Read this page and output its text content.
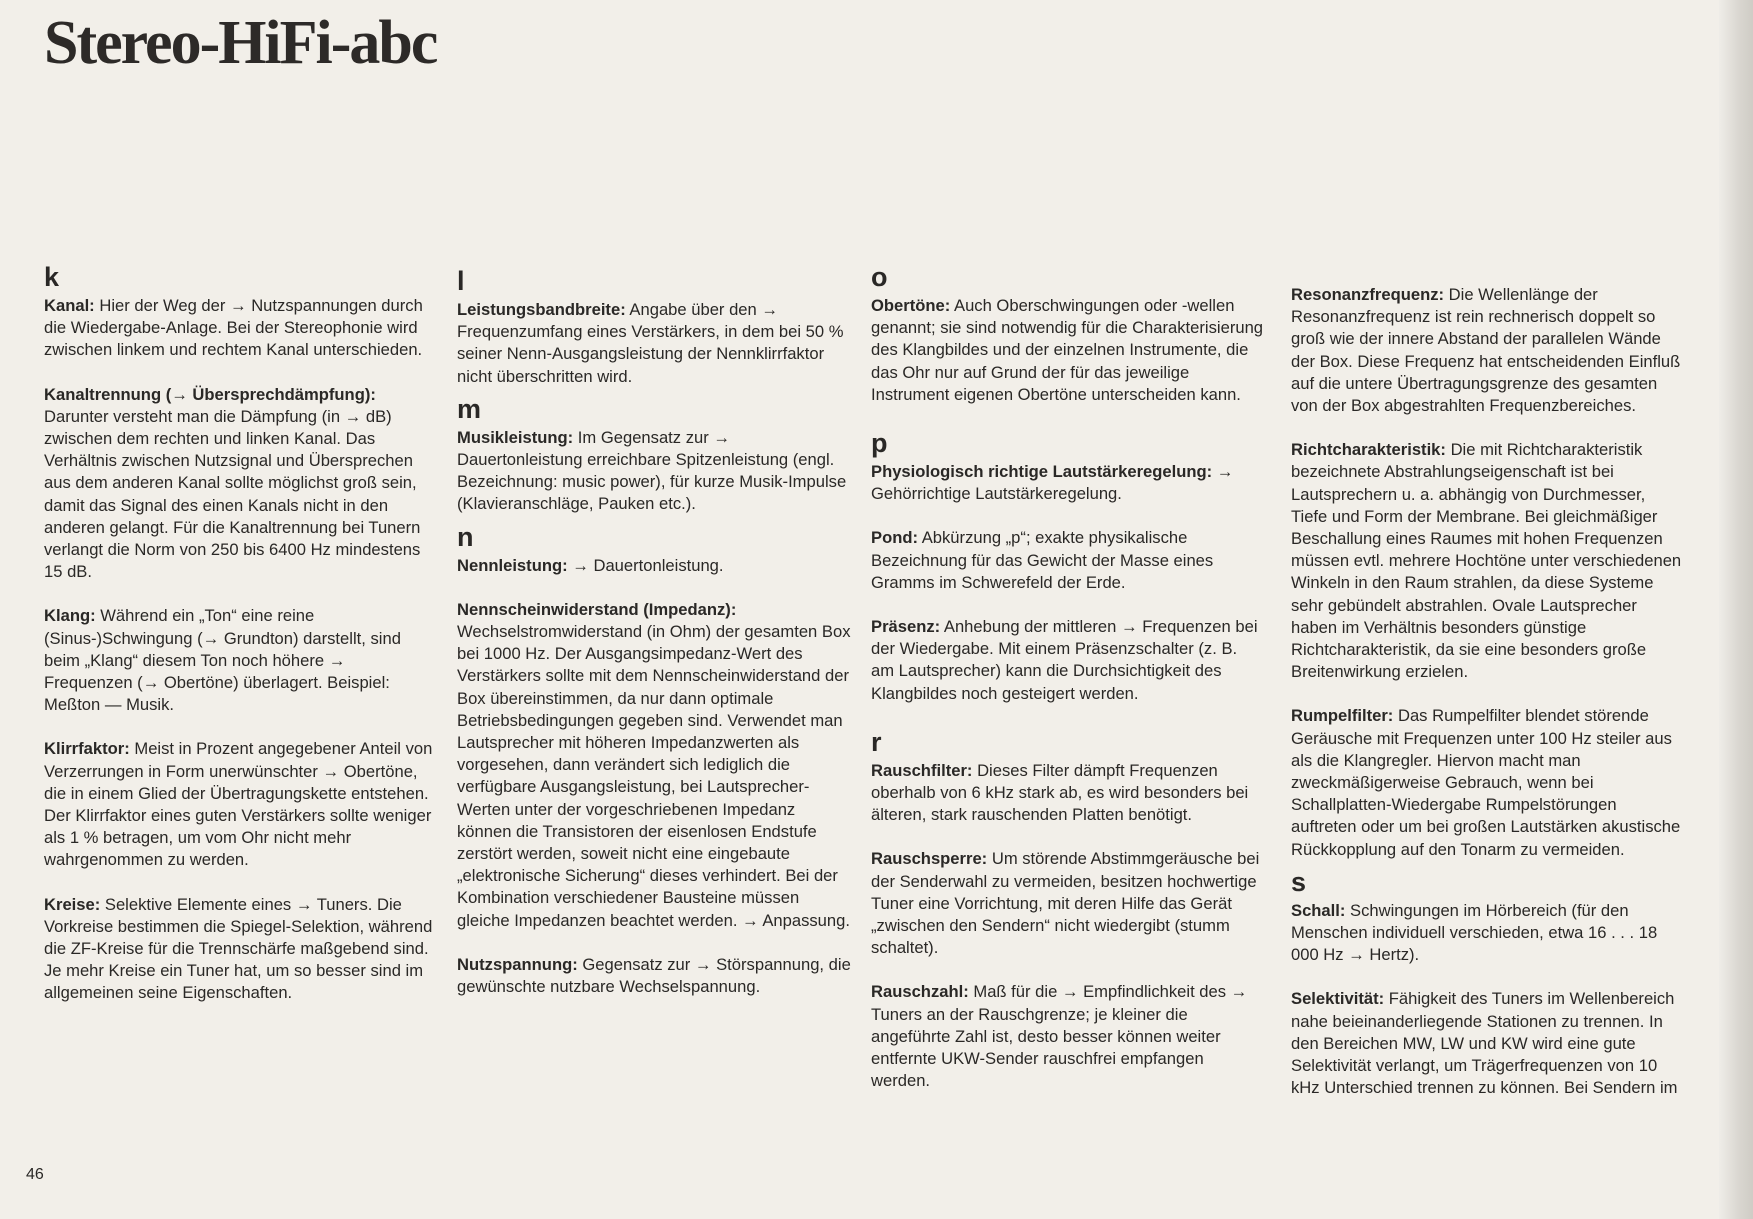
Stereo-HiFi-abc
k

Kanal: Hier der Weg der → Nutzspannungen durch die Wiedergabe-Anlage. Bei der Stereophonie wird zwischen linkem und rechtem Kanal unterschieden.

Kanaltrennung (→ Übersprechdämpfung): Darunter versteht man die Dämpfung (in → dB) zwischen dem rechten und linken Kanal. Das Verhältnis zwischen Nutzsignal und Übersprechen aus dem anderen Kanal sollte möglichst groß sein, damit das Signal des einen Kanals nicht in den anderen gelangt. Für die Kanaltrennung bei Tunern verlangt die Norm von 250 bis 6400 Hz mindestens 15 dB.

Klang: Während ein „Ton“ eine reine (Sinus-)Schwingung (→ Grundton) darstellt, sind beim „Klang“ diesem Ton noch höhere → Frequenzen (→ Obertöne) überlagert. Beispiel: Meßton — Musik.

Klirrfaktor: Meist in Prozent angegebener Anteil von Verzerrungen in Form unerwünschter → Obertöne, die in einem Glied der Übertragungskette entstehen. Der Klirrfaktor eines guten Verstärkers sollte weniger als 1 % betragen, um vom Ohr nicht mehr wahrgenommen zu werden.

Kreise: Selektive Elemente eines → Tuners. Die Vorkreise bestimmen die Spiegel-Selektion, während die ZF-Kreise für die Trennschärfe maßgebend sind. Je mehr Kreise ein Tuner hat, um so besser sind im allgemeinen seine Eigenschaften.

l

Leistungsbandbreite: Angabe über den → Frequenzumfang eines Verstärkers, in dem bei 50 % seiner Nenn-Ausgangsleistung der Nennklirrfaktor nicht überschritten wird.

m

Musikleistung: Im Gegensatz zur → Dauertonleistung erreichbare Spitzenleistung (engl. Bezeichnung: music power), für kurze Musik-Impulse (Klavieranschläge, Pauken etc.).

n

Nennleistung: → Dauertonleistung.

Nennscheinwiderstand (Impedanz): Wechselstromwiderstand (in Ohm) der gesamten Box bei 1000 Hz. Der Ausgangsimpedanz-Wert des Verstärkers sollte mit dem Nennscheinwiderstand der Box übereinstimmen, da nur dann optimale Betriebsbedingungen gegeben sind. Verwendet man Lautsprecher mit höheren Impedanzwerten als vorgesehen, dann verändert sich lediglich die verfügbare Ausgangsleistung, bei Lautsprecher-Werten unter der vorgeschriebenen Impedanz können die Transistoren der eisenlosen Endstufe zerstört werden, soweit nicht eine eingebaute „elektronische Sicherung“ dieses verhindert. Bei der Kombination verschiedener Bausteine müssen gleiche Impedanzen beachtet werden. → Anpassung.

Nutzspannung: Gegensatz zur → Störspannung, die gewünschte nutzbare Wechselspannung.

o

Obertöne: Auch Oberschwingungen oder -wellen genannt; sie sind notwendig für die Charakterisierung des Klangbildes und der einzelnen Instrumente, die das Ohr nur auf Grund der für das jeweilige Instrument eigenen Obertöne unterscheiden kann.

p

Physiologisch richtige Lautstärkeregelung: → Gehörrichtige Lautstärkeregelung.

Pond: Abkürzung „p“; exakte physikalische Bezeichnung für das Gewicht der Masse eines Gramms im Schwerefeld der Erde.

Präsenz: Anhebung der mittleren → Frequenzen bei der Wiedergabe. Mit einem Präsenzschalter (z. B. am Lautsprecher) kann die Durchsichtigkeit des Klangbildes noch gesteigert werden.

r

Rauschfilter: Dieses Filter dämpft Frequenzen oberhalb von 6 kHz stark ab, es wird besonders bei älteren, stark rauschenden Platten benötigt.

Rauschsperre: Um störende Abstimmgeräusche bei der Senderwahl zu vermeiden, besitzen hochwertige Tuner eine Vorrichtung, mit deren Hilfe das Gerät „zwischen den Sendern“ nicht wiedergibt (stumm schaltet).

Rauschzahl: Maß für die → Empfindlichkeit des → Tuners an der Rauschgrenze; je kleiner die angeführte Zahl ist, desto besser können weiter entfernte UKW-Sender rauschfrei empfangen werden.

Resonanzfrequenz: Die Wellenlänge der Resonanzfrequenz ist rein rechnerisch doppelt so groß wie der innere Abstand der parallelen Wände der Box. Diese Frequenz hat entscheidenden Einfluß auf die untere Übertragungsgrenze des gesamten von der Box abgestrahlten Frequenzbereiches.

Richtcharakteristik: Die mit Richtcharakteristik bezeichnete Abstrahlungseigenschaft ist bei Lautsprechern u. a. abhängig von Durchmesser, Tiefe und Form der Membrane. Bei gleichmäßiger Beschallung eines Raumes mit hohen Frequenzen müssen evtl. mehrere Hochtöne unter verschiedenen Winkeln in den Raum strahlen, da diese Systeme sehr gebündelt abstrahlen. Ovale Lautsprecher haben im Verhältnis besonders günstige Richtcharakteristik, da sie eine besonders große Breitenwirkung erzielen.

Rumpelfilter: Das Rumpelfilter blendet störende Geräusche mit Frequenzen unter 100 Hz steiler aus als die Klangregler. Hiervon macht man zweckmäßigerweise Gebrauch, wenn bei Schallplatten-Wiedergabe Rumpelstörungen auftreten oder um bei großen Lautstärken akustische Rückkopplung auf den Tonarm zu vermeiden.

s

Schall: Schwingungen im Hörbereich (für den Menschen individuell verschieden, etwa 16 . . . 18 000 Hz → Hertz).

Selektivität: Fähigkeit des Tuners im Wellenbereich nahe beieinanderliegende Stationen zu trennen. In den Bereichen MW, LW und KW wird eine gute Selektivität verlangt, um Trägerfrequenzen von 10 kHz Unterschied trennen zu können. Bei Sendern im

46
